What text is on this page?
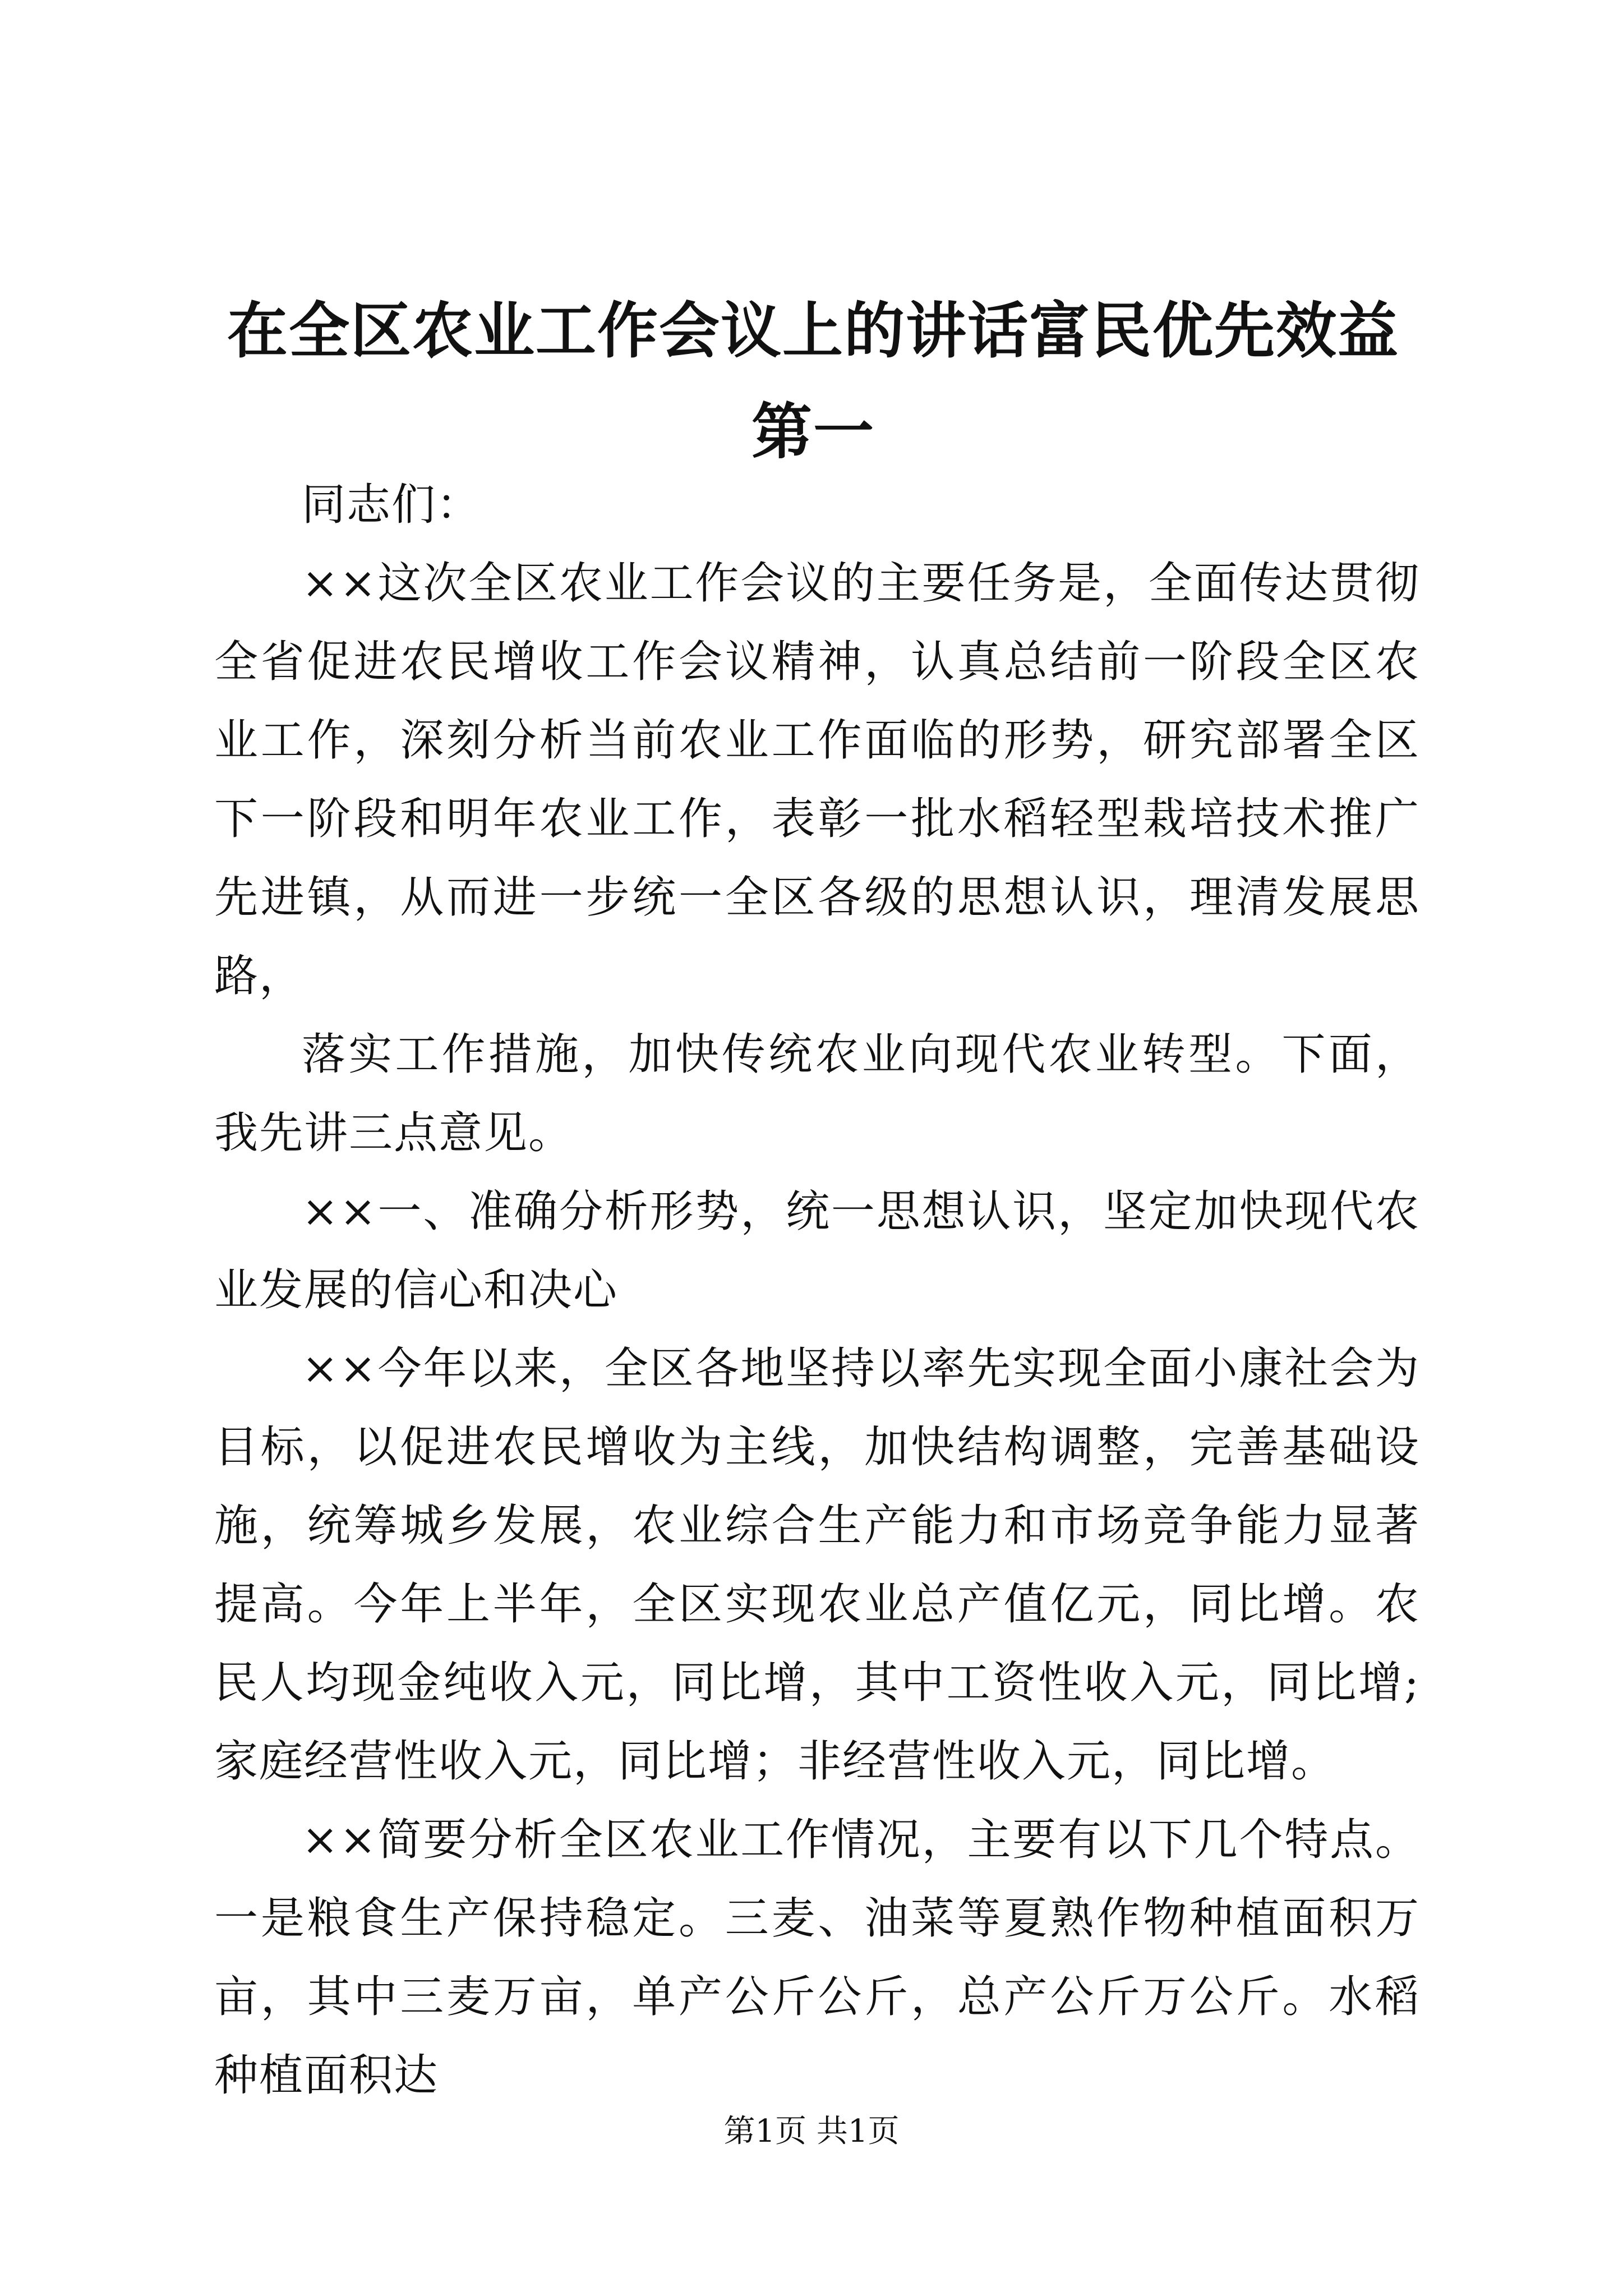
在全区农业工作会议上的讲话富民优先效益第一

同志们：

××这次全区农业工作会议的主要任务是，全面传达贯彻全省促进农民增收工作会议精神，认真总结前一阶段全区农业工作，深刻分析当前农业工作面临的形势，研究部署全区下一阶段和明年农业工作，表彰一批水稻轻型栽培技术推广先进镇，从而进一步统一全区各级的思想认识，理清发展思路，

落实工作措施，加快传统农业向现代农业转型。下面，我先讲三点意见。

××一、准确分析形势，统一思想认识，坚定加快现代农业发展的信心和决心

××今年以来，全区各地坚持以率先实现全面小康社会为目标，以促进农民增收为主线，加快结构调整，完善基础设施，统筹城乡发展，农业综合生产能力和市场竞争能力显著提高。今年上半年，全区实现农业总产值亿元，同比增。农民人均现金纯收入元，同比增，其中工资性收入元，同比增;家庭经营性收入元，同比增；非经营性收入元，同比增。

××简要分析全区农业工作情况，主要有以下几个特点。一是粮食生产保持稳定。三麦、油菜等夏熟作物种植面积万亩，其中三麦万亩，单产公斤公斤，总产公斤万公斤。水稻种植面积达

第1页 共1页
